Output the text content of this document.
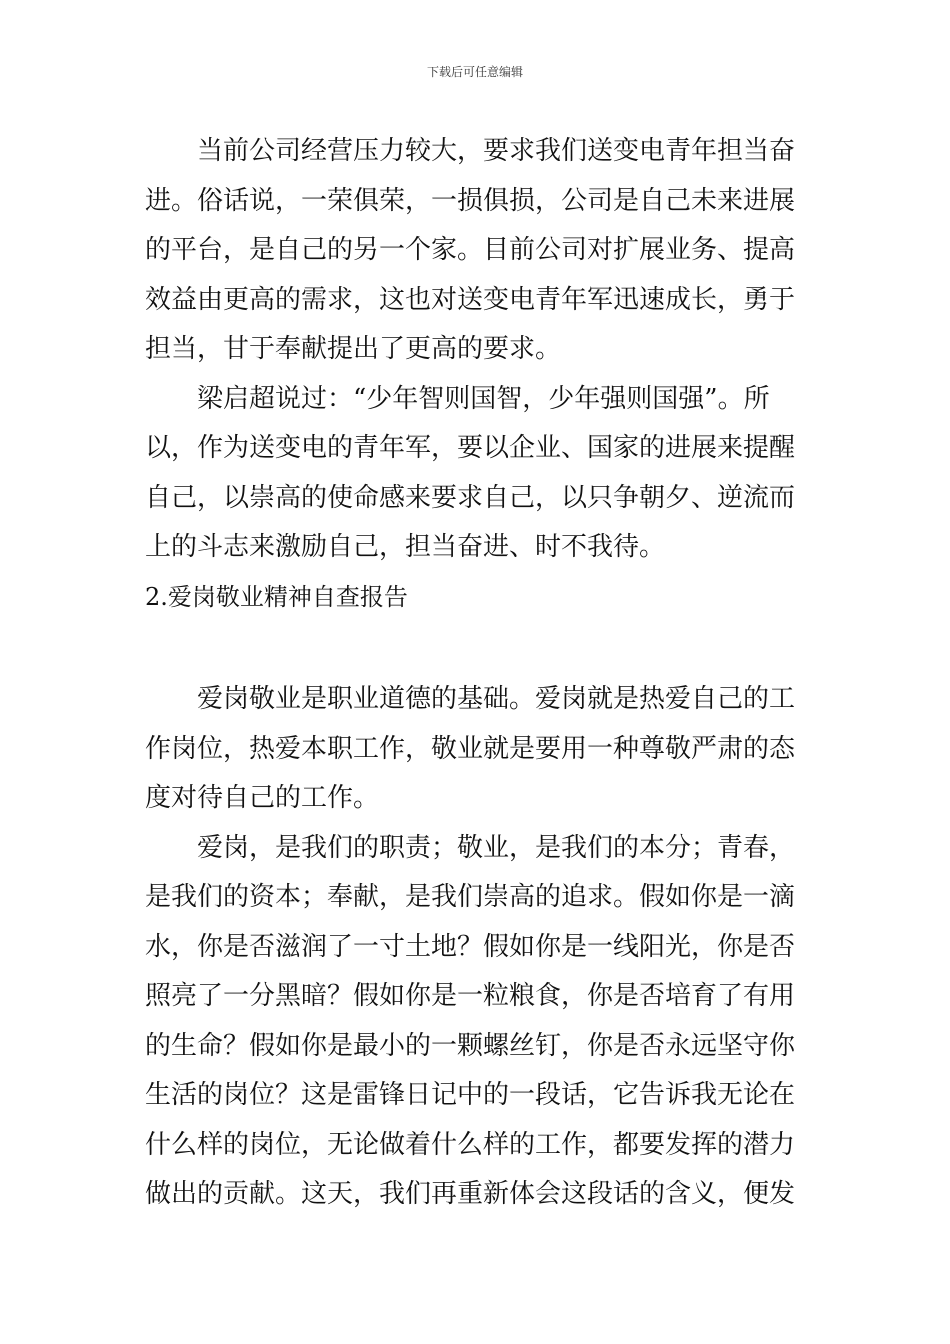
下载后可任意编辑
当前公司经营压力较大，要求我们送变电青年担当奋
进。俗话说，一荣俱荣，一损俱损，公司是自己未来进展
的平台，是自己的另一个家。目前公司对扩展业务、提高
效益由更高的需求，这也对送变电青年军迅速成长，勇于
担当，甘于奉献提出了更高的要求。
梁启超说过：“少年智则国智，少年强则国强”。所
以，作为送变电的青年军，要以企业、国家的进展来提醒
自己，以崇高的使命感来要求自己，以只争朝夕、逆流而
上的斗志来激励自己，担当奋进、时不我待。
2.爱岗敬业精神自查报告
爱岗敬业是职业道德的基础。爱岗就是热爱自己的工
作岗位，热爱本职工作，敬业就是要用一种尊敬严肃的态
度对待自己的工作。
爱岗，是我们的职责；敬业，是我们的本分；青春，
是我们的资本；奉献，是我们崇高的追求。假如你是一滴
水，你是否滋润了一寸土地？假如你是一线阳光，你是否
照亮了一分黑暗？假如你是一粒粮食，你是否培育了有用
的生命？假如你是最小的一颗螺丝钉，你是否永远坚守你
生活的岗位？这是雷锋日记中的一段话，它告诉我无论在
什么样的岗位，无论做着什么样的工作，都要发挥的潜力
做出的贡献。这天，我们再重新体会这段话的含义，便发
